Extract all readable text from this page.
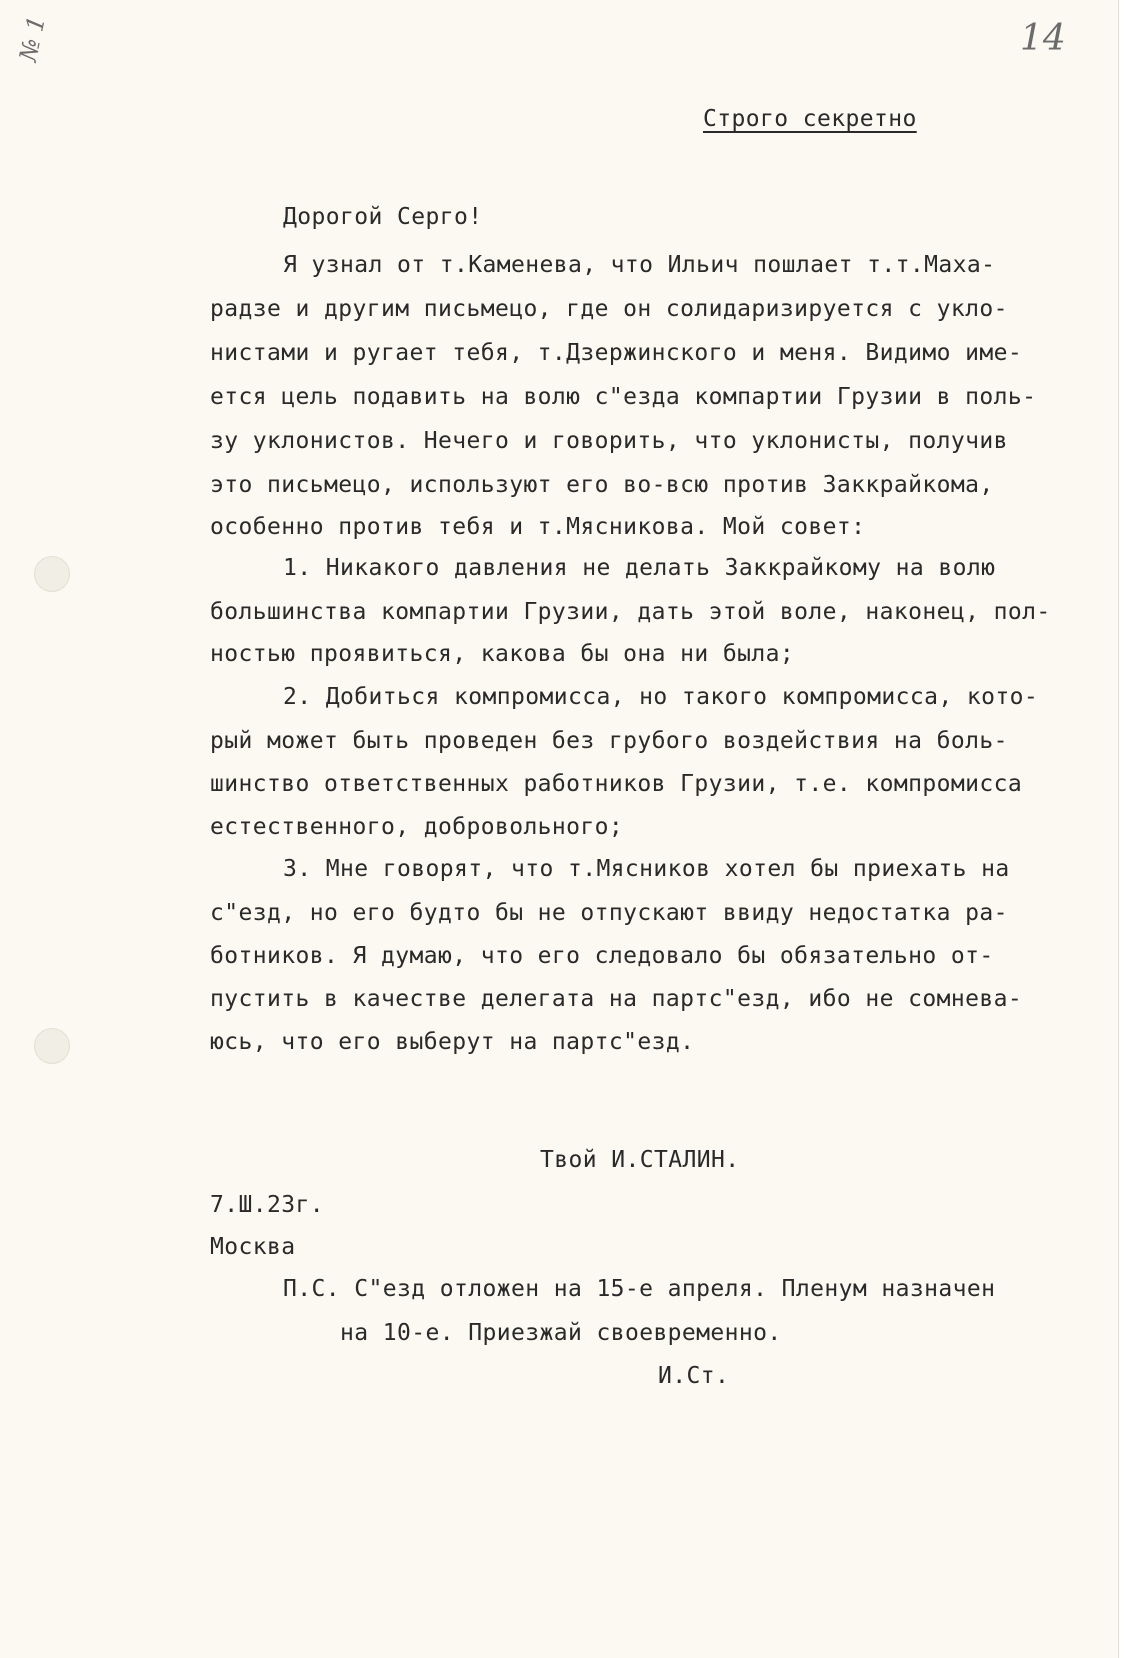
№ 1	14

Строго секретно

Дорогой Серго!

Я узнал от т.Каменева, что Ильич пошлает т.т.Маха-

радзе и другим письмецо, где он солидаризируется с укло-

нистами и ругает тебя, т.Дзержинского и меня. Видимо име-

ется цель подавить на волю с"езда компартии Грузии в поль-

зу уклонистов. Нечего и говорить, что уклонисты, получив

это письмецо, используют его во-всю против Заккрайкома,

особенно против тебя и т.Мясникова. Мой совет:

1. Никакого давления не делать Заккрайкому на волю

большинства компартии Грузии, дать этой воле, наконец, пол-

ностью проявиться, какова бы она ни была;

2. Добиться компромисса, но такого компромисса, кото-

рый может быть проведен без грубого воздействия на боль-

шинство ответственных работников Грузии, т.е. компромисса

естественного, добровольного;

3. Мне говорят, что т.Мясников хотел бы приехать на

с"езд, но его будто бы не отпускают ввиду недостатка ра-

ботников. Я думаю, что его следовало бы обязательно от-

пустить в качестве делегата на партс"езд, ибо не сомнева-

юсь, что его выберут на партс"езд.

Твой И.СТАЛИН.

7.Ш.23г.

Москва

П.С. С"езд отложен на 15-е апреля. Пленум назначен

на 10-е. Приезжай своевременно.

И.Ст.
